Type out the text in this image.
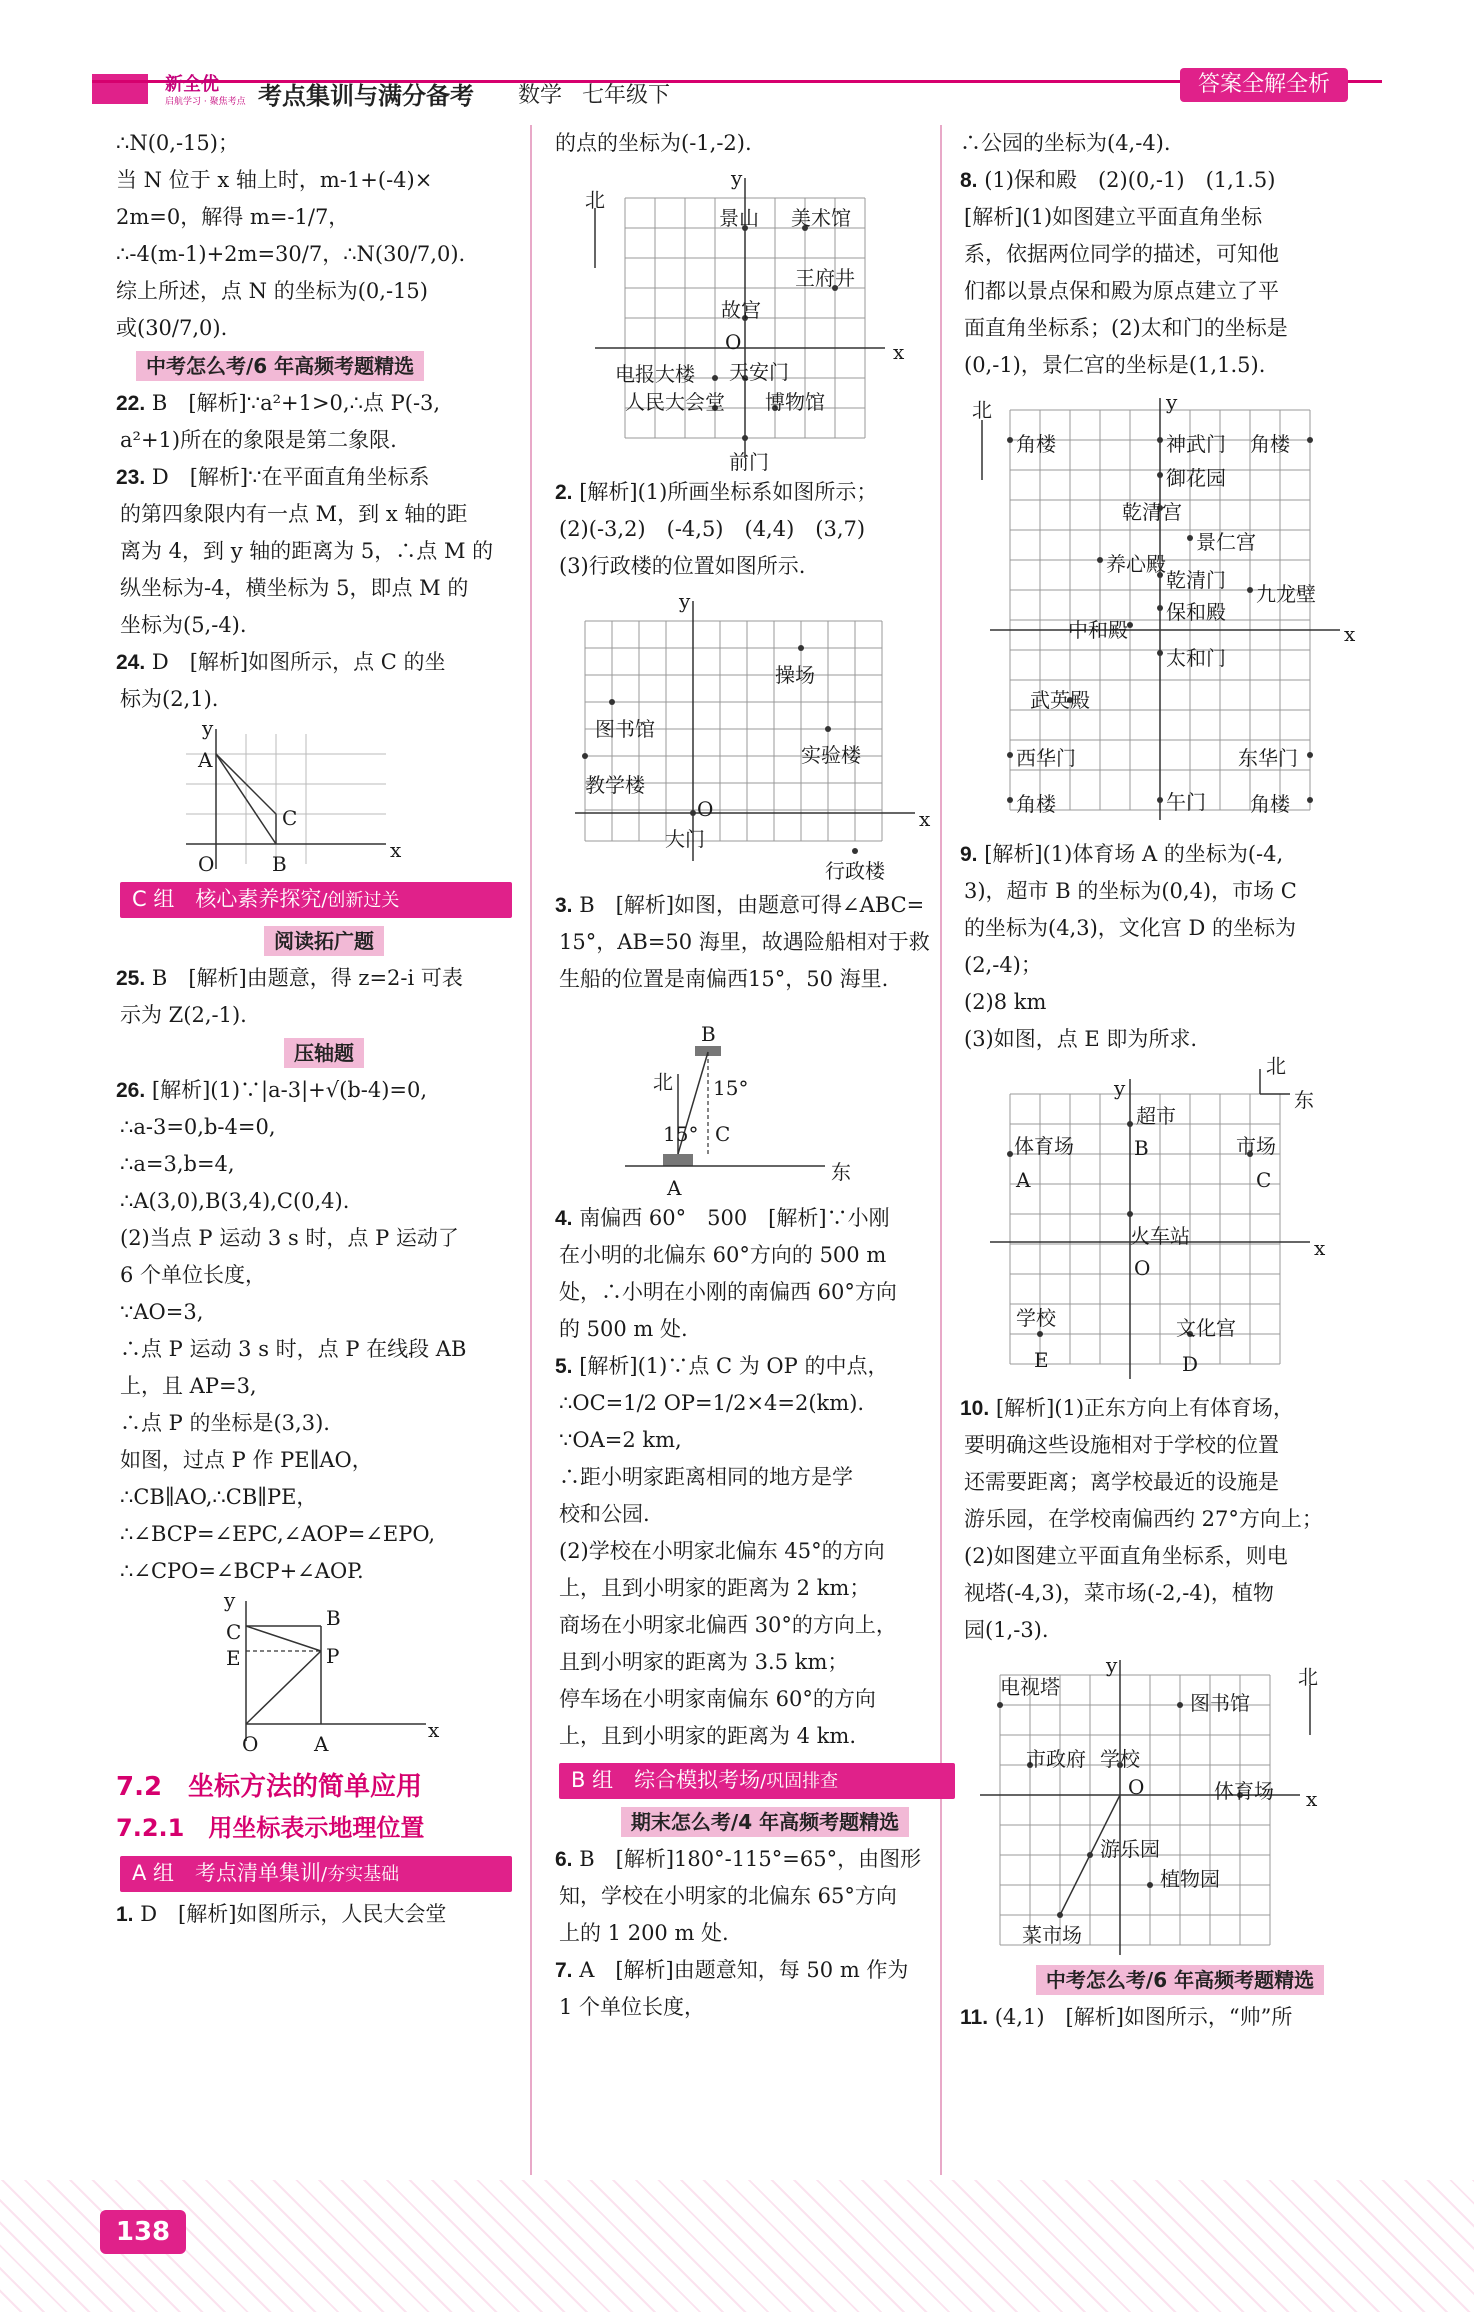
新全优
启航学习 · 聚焦考点 考点集训与满分备考 数学 七年级下	答案全解全析
∴N(0,-15)；
当 N 位于 x 轴上时，m-1+(-4)×
2m=0，解得 m=-1/7，
∴-4(m-1)+2m=30/7，∴N(30/7,0).
综上所述，点 N 的坐标为(0,-15)
或(30/7,0).
中考怎么考/6 年高频考题精选
22. B　[解析]∵a²+1>0,∴点 P(-3,
a²+1)所在的象限是第二象限.
23. D　[解析]∵在平面直角坐标系
的第四象限内有一点 M，到 x 轴的距
离为 4，到 y 轴的距离为 5，∴点 M 的
纵坐标为-4，横坐标为 5，即点 M 的
坐标为(5,-4).
24. D　[解析]如图所示，点 C 的坐
标为(2,1).
y
x
A
C
O	B
C 组　核心素养探究/创新过关
阅读拓广题
25. B　[解析]由题意，得 z=2-i 可表
示为 Z(2,-1).
压轴题
26. [解析](1)∵|a-3|+√(b-4)=0,
∴a-3=0,b-4=0,
∴a=3,b=4,
∴A(3,0),B(3,4),C(0,4).
(2)当点 P 运动 3 s 时，点 P 运动了
6 个单位长度，
∵AO=3,
∴点 P 运动 3 s 时，点 P 在线段 AB
上，且 AP=3,
∴点 P 的坐标是(3,3).
如图，过点 P 作 PE∥AO，
∴CB∥AO,∴CB∥PE，
∴∠BCP=∠EPC,∠AOP=∠EPO,
∴∠CPO=∠BCP+∠AOP.
y
x
B
C
P
E
O	A
7.2　坐标方法的简单应用
7.2.1　用坐标表示地理位置
A 组　考点清单集训/夯实基础
1. D　[解析]如图所示，人民大会堂
的点的坐标为(-1,-2).
y
x
北
景山 美术馆
王府井
故宫
O
电报大楼 天安门
人民大会堂 博物馆
前门
2. [解析](1)所画坐标系如图所示；
(2)(-3,2)　(-4,5)　(4,4)　(3,7)
(3)行政楼的位置如图所示.
y
x
操场
图书馆
实验楼
教学楼
O
大门
行政楼
3. B　[解析]如图，由题意可得∠ABC=
15°，AB=50 海里，故遇险船相对于救
生船的位置是南偏西15°，50 海里.
B
北 15°
15° C
A
东
4. 南偏西 60°　500　[解析]∵小刚
在小明的北偏东 60°方向的 500 m
处，∴小明在小刚的南偏西 60°方向
的 500 m 处.
5. [解析](1)∵点 C 为 OP 的中点，
∴OC=1/2 OP=1/2×4=2(km).
∵OA=2 km,
∴距小明家距离相同的地方是学
校和公园.
(2)学校在小明家北偏东 45°的方向
上，且到小明家的距离为 2 km；
商场在小明家北偏西 30°的方向上，
且到小明家的距离为 3.5 km；
停车场在小明家南偏东 60°的方向
上，且到小明家的距离为 4 km.
B 组　综合模拟考场/巩固排查
期末怎么考/4 年高频考题精选
6. B　[解析]180°-115°=65°，由图形
知，学校在小明家的北偏东 65°方向
上的 1 200 m 处.
7. A　[解析]由题意知，每 50 m 作为
1 个单位长度，
∴公园的坐标为(4,-4).
8. (1)保和殿　(2)(0,-1)　(1,1.5)
[解析](1)如图建立平面直角坐标
系，依据两位同学的描述，可知他
们都以景点保和殿为原点建立了平
面直角坐标系；(2)太和门的坐标是
(0,-1)，景仁宫的坐标是(1,1.5).
北	y
x
角楼	神武门 角楼
御花园
乾清宫
景仁宫
养心殿
乾清门
九龙壁
保和殿
中和殿
太和门
武英殿
西华门	东华门
午门
角楼	角楼
9. [解析](1)体育场 A 的坐标为(-4,
3)，超市 B 的坐标为(0,4)，市场 C
的坐标为(4,3)，文化宫 D 的坐标为
(2,-4)；
(2)8 km
(3)如图，点 E 即为所求.
北
东
y
x
超市
体育场	市场
A
B
C
火车站
O
学校
E
文化宫
D
10. [解析](1)正东方向上有体育场，
要明确这些设施相对于学校的位置
还需要距离；离学校最近的设施是
游乐园，在学校南偏西约 27°方向上；
(2)如图建立平面直角坐标系，则电
视塔(-4,3)，菜市场(-2,-4)，植物
园(1,-3).
y
x
北
电视塔
图书馆
市政府 学校
O	体育场
游乐园
植物园
菜市场
中考怎么考/6 年高频考题精选
11. (4,1)　[解析]如图所示，“帅”所
138
